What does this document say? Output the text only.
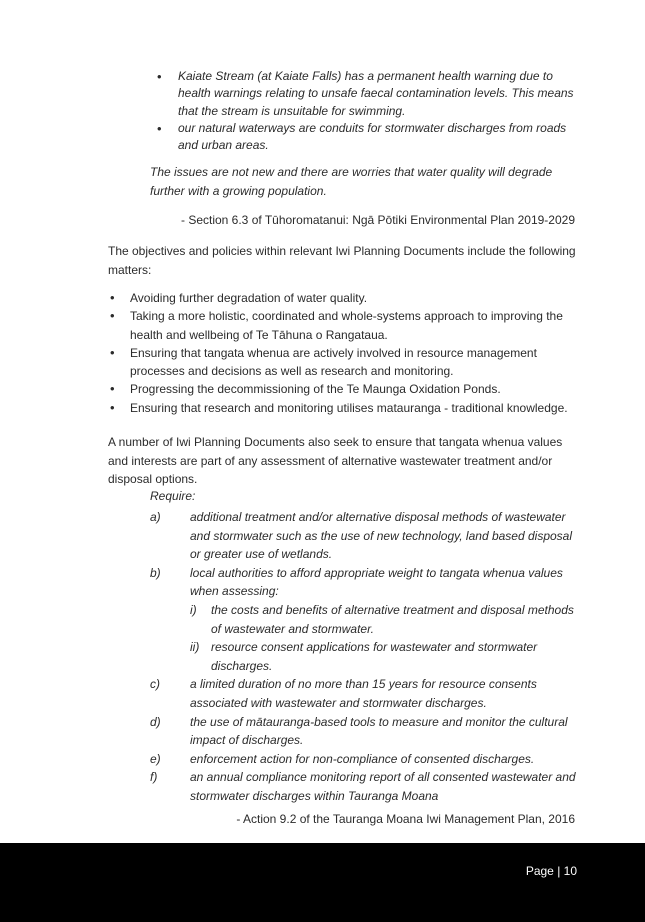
• Kaiate Stream (at Kaiate Falls) has a permanent health warning due to health warnings relating to unsafe faecal contamination levels. This means that the stream is unsuitable for swimming.
• our natural waterways are conduits for stormwater discharges from roads and urban areas.
The issues are not new and there are worries that water quality will degrade further with a growing population.
- Section 6.3 of Tūhoromatanui: Ngā Pōtiki Environmental Plan 2019-2029
The objectives and policies within relevant Iwi Planning Documents include the following matters:
• Avoiding further degradation of water quality.
• Taking a more holistic, coordinated and whole-systems approach to improving the health and wellbeing of Te Tāhuna o Rangataua.
• Ensuring that tangata whenua are actively involved in resource management processes and decisions as well as research and monitoring.
• Progressing the decommissioning of the Te Maunga Oxidation Ponds.
• Ensuring that research and monitoring utilises matauranga - traditional knowledge.
A number of Iwi Planning Documents also seek to ensure that tangata whenua values and interests are part of any assessment of alternative wastewater treatment and/or disposal options.
Require:
a) additional treatment and/or alternative disposal methods of wastewater and stormwater such as the use of new technology, land based disposal or greater use of wetlands.
b) local authorities to afford appropriate weight to tangata whenua values when assessing:
i) the costs and benefits of alternative treatment and disposal methods of wastewater and stormwater.
ii) resource consent applications for wastewater and stormwater discharges.
c)	a limited duration of no more than 15 years for resource consents associated with wastewater and stormwater discharges.
d) the use of mātauranga-based tools to measure and monitor the cultural impact of discharges.
e) enforcement action for non-compliance of consented discharges.
f)	an annual compliance monitoring report of all consented wastewater and stormwater discharges within Tauranga Moana
- Action 9.2 of the Tauranga Moana Iwi Management Plan, 2016
Page | 10
